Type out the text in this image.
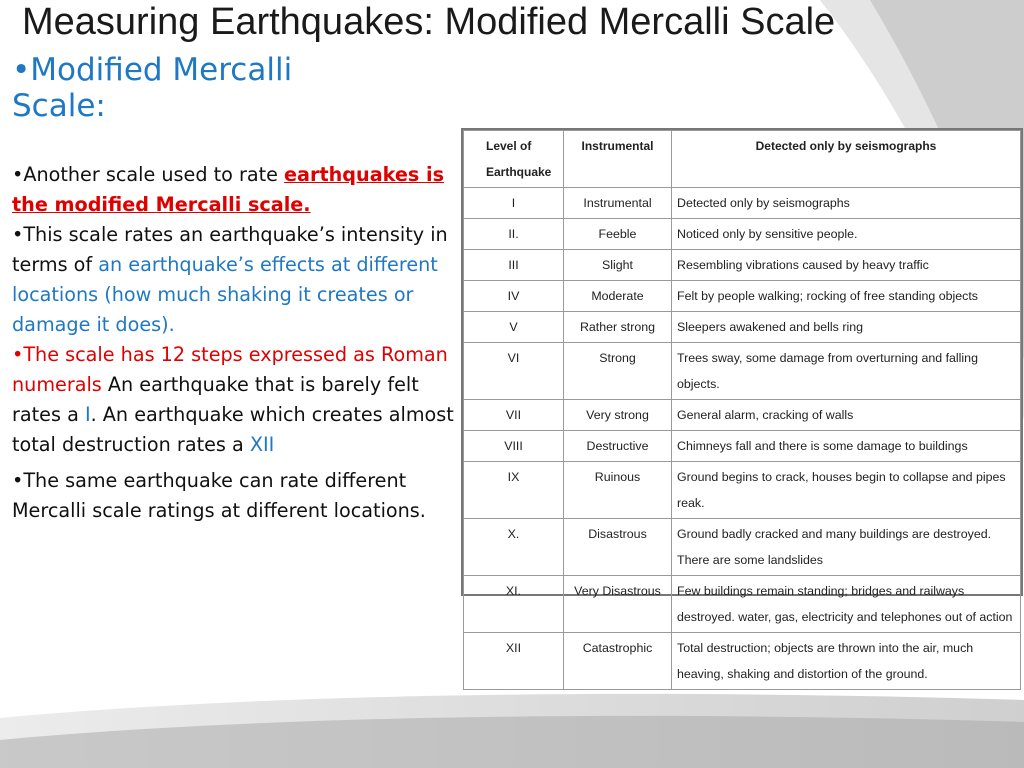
Measuring Earthquakes: Modified Mercalli Scale
•Modified Mercalli Scale:

•Another scale used to rate earthquakes is the modified Mercalli scale.

•This scale rates an earthquake’s intensity in terms of an earthquake’s effects at different locations (how much shaking it creates or damage it does).

•The scale has 12 steps expressed as Roman numerals An earthquake that is barely felt rates a I. An earthquake which creates almost total destruction rates a XII

•The same earthquake can rate different Mercalli scale ratings at different locations.

Level of Earthquake	Instrumental	Detected only by seismographs
I	Instrumental	Detected only by seismographs
II.	Feeble	Noticed only by sensitive people.
III	Slight	Resembling vibrations caused by heavy traffic
IV	Moderate	Felt by people walking; rocking of free standing objects
V	Rather strong	Sleepers awakened and bells ring
VI	Strong	Trees sway, some damage from overturning and falling objects.
VII	Very strong	General alarm, cracking of walls
VIII	Destructive	Chimneys fall and there is some damage to buildings
IX	Ruinous	Ground begins to crack, houses begin to collapse and pipes reak.
X.	Disastrous	Ground badly cracked and many buildings are destroyed. There are some landslides
XI.	Very Disastrous	Few buildings remain standing; bridges and railways destroyed. water, gas, electricity and telephones out of action
XII	Catastrophic	Total destruction; objects are thrown into the air, much heaving, shaking and distortion of the ground.
